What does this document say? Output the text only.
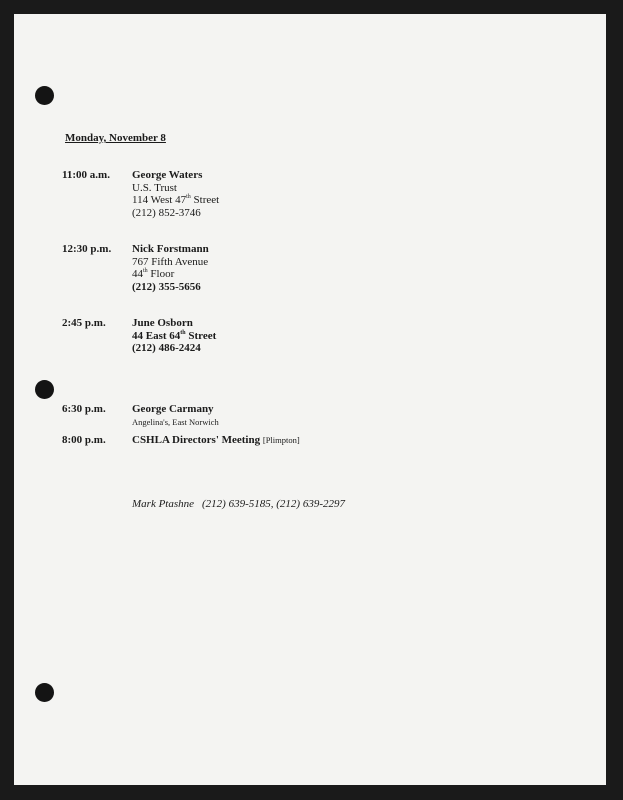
Monday, November 8

11:00 a.m. George Waters
U.S. Trust
114 West 47th Street
(212) 852-3746
12:30 p.m. Nick Forstmann
767 Fifth Avenue
44th Floor
(212) 355-5656
2:45 p.m. June Osborn
44 East 64th Street
(212) 486-2424
6:30 p.m. George Carmany
Angelina's, East Norwich
8:00 p.m. CSHLA Directors' Meeting [Plimpton]
Mark Ptashne (212) 639-5185, (212) 639-2297
